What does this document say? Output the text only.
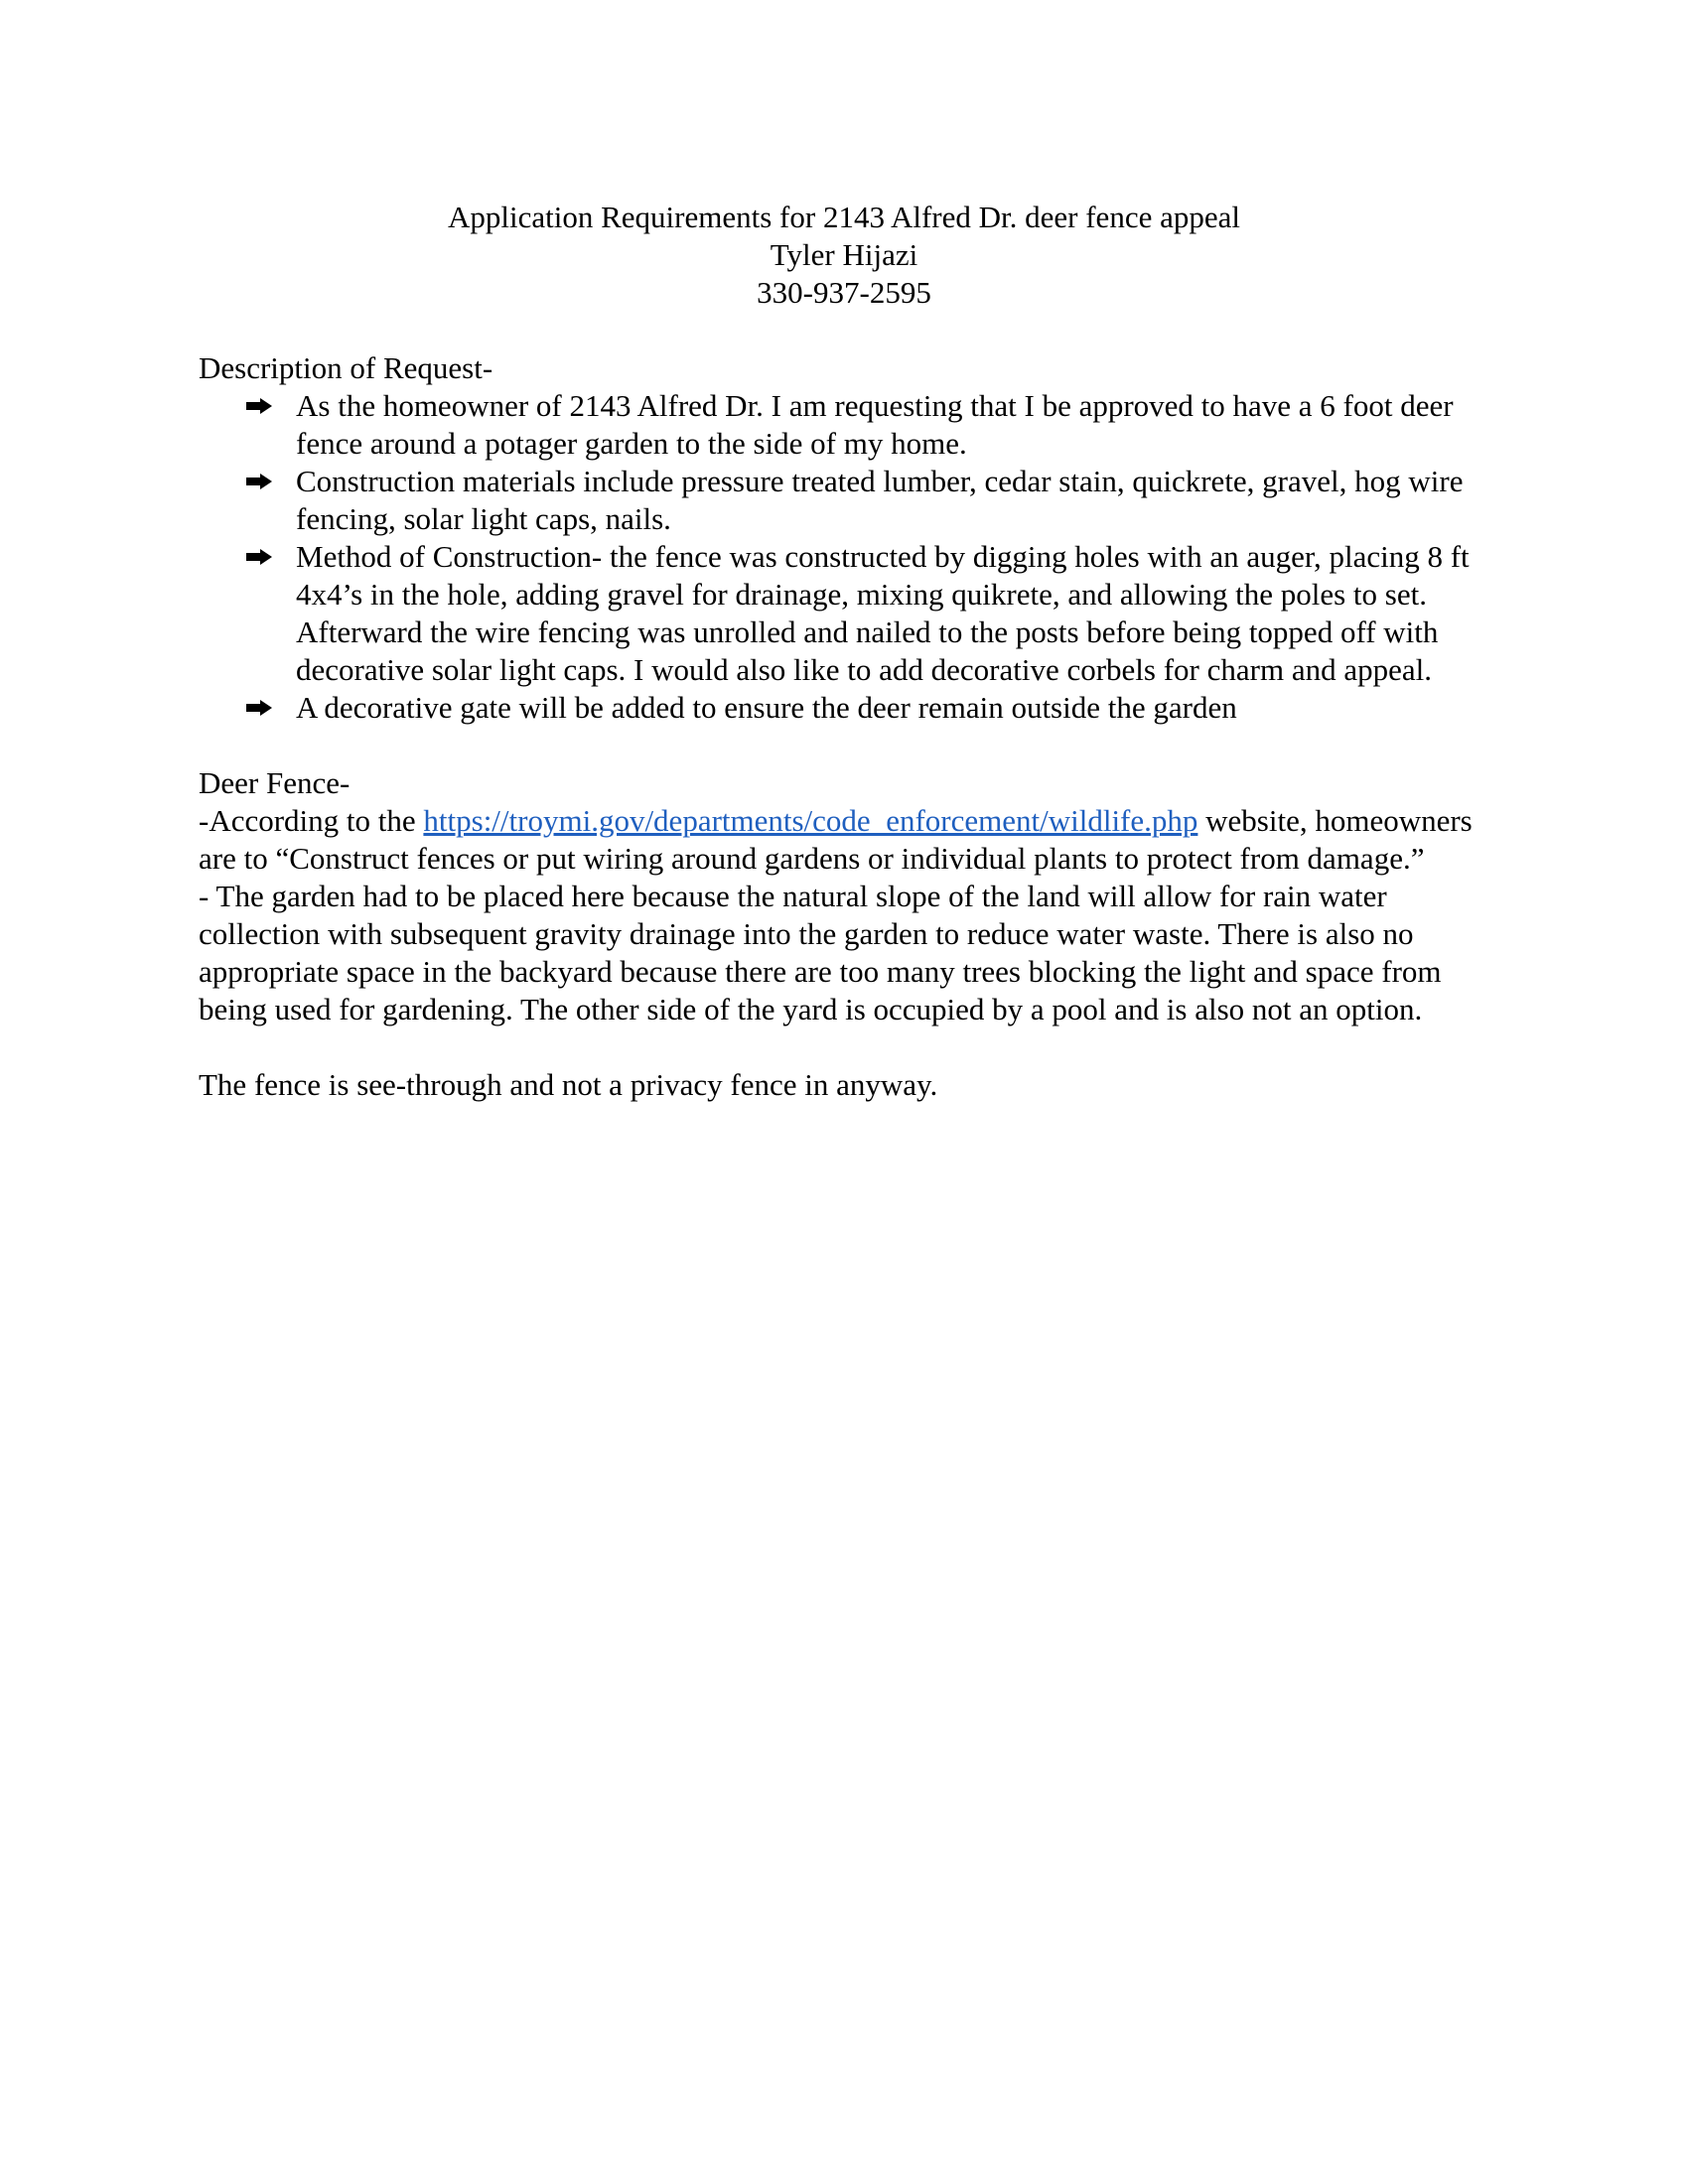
Application Requirements for 2143 Alfred Dr. deer fence appeal
Tyler Hijazi
330-937-2595
Description of Request-
As the homeowner of 2143 Alfred Dr. I am requesting that I be approved to have a 6 foot deer fence around a potager garden to the side of my home.
Construction materials include pressure treated lumber, cedar stain, quickrete, gravel, hog wire fencing, solar light caps, nails.
Method of Construction- the fence was constructed by digging holes with an auger, placing 8 ft 4x4’s in the hole, adding gravel for drainage, mixing quikrete, and allowing the poles to set. Afterward the wire fencing was unrolled and nailed to the posts before being topped off with decorative solar light caps. I would also like to add decorative corbels for charm and appeal.
A decorative gate will be added to ensure the deer remain outside the garden
Deer Fence-

-According to the https://troymi.gov/departments/code_enforcement/wildlife.php website, homeowners are to “Construct fences or put wiring around gardens or individual plants to protect from damage.”

- The garden had to be placed here because the natural slope of the land will allow for rain water collection with subsequent gravity drainage into the garden to reduce water waste. There is also no appropriate space in the backyard because there are too many trees blocking the light and space from being used for gardening. The other side of the yard is occupied by a pool and is also not an option.

The fence is see-through and not a privacy fence in anyway.
